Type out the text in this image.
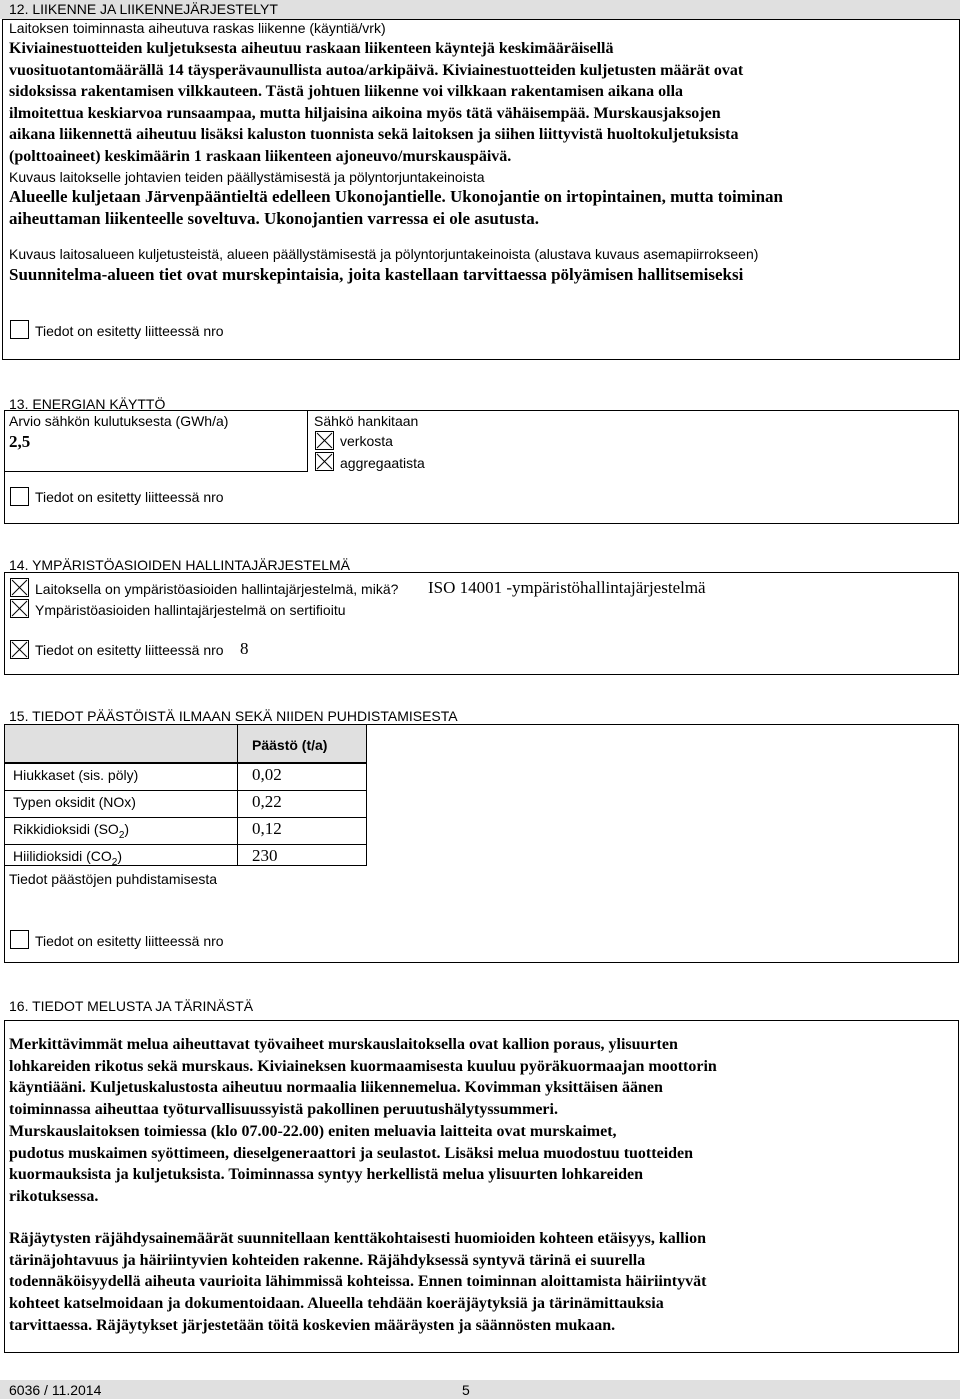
12. LIIKENNE JA LIIKENNEJÄRJESTELYT
Laitoksen toiminnasta aiheutuva raskas liikenne (käyntiä/vrk)
Kiviainestuotteiden kuljetuksesta aiheutuu raskaan liikenteen käyntejä keskimääräisellä
vuosituotantomäärällä 14 täysperävaunullista autoa/arkipäivä. Kiviainestuotteiden kuljetusten määrät ovat
sidoksissa rakentamisen vilkkauteen. Tästä johtuen liikenne voi vilkkaan rakentamisen aikana olla
ilmoitettua keskiarvoa runsaampaa, mutta hiljaisina aikoina myös tätä vähäisempää. Murskausjaksojen
aikana liikennettä aiheutuu lisäksi kaluston tuonnista sekä laitoksen ja siihen liittyvistä huoltokuljetuksista
(polttoaineet) keskimäärin 1 raskaan liikenteen ajoneuvo/murskauspäivä.
Kuvaus laitokselle johtavien teiden päällystämisestä ja pölyntorjuntakeinoista
Alueelle kuljetaan Järvenpääntieltä edelleen Ukonojantielle. Ukonojantie on irtopintainen, mutta toiminan
aiheuttaman liikenteelle soveltuva. Ukonojantien varressa ei ole asutusta.
Kuvaus laitosalueen kuljetusteistä, alueen päällystämisestä ja pölyntorjuntakeinoista (alustava kuvaus asemapiirrokseen)
Suunnitelma-alueen tiet ovat murskepintaisia, joita kastellaan tarvittaessa pölyämisen hallitsemiseksi
Tiedot on esitetty liitteessä nro
13. ENERGIAN KÄYTTÖ
Arvio sähkön kulutuksesta (GWh/a)
2,5
Sähkö hankitaan
verkosta
aggregaatista
Tiedot on esitetty liitteessä nro
14. YMPÄRISTÖASIOIDEN HALLINTAJÄRJESTELMÄ
Laitoksella on ympäristöasioiden hallintajärjestelmä, mikä? ISO 14001 -ympäristöhallintajärjestelmä
Ympäristöasioiden hallintajärjestelmä on sertifioitu
Tiedot on esitetty liitteessä nro 8
15. TIEDOT PÄÄSTÖISTÄ ILMAAN SEKÄ NIIDEN PUHDISTAMISESTA
Päästö (t/a)
Hiukkaset (sis. pöly)	0,02
Typen oksidit (NOx)	0,22
Rikkidioksidi $(SO_2)$	0,12
Hiilidioksidi $(CO_2)$	230
Tiedot päästöjen puhdistamisesta
Tiedot on esitetty liitteessä nro
16. TIEDOT MELUSTA JA TÄRINÄSTÄ
Merkittävimmät melua aiheuttavat työvaiheet murskauslaitoksella ovat kallion poraus, ylisuurten
lohkareiden rikotus sekä murskaus. Kiviaineksen kuormaamisesta kuuluu pyöräkuormaajan moottorin
käyntiääni. Kuljetuskalustosta aiheutuu normaalia liikennemelua. Kovimman yksittäisen äänen
toiminnassa aiheuttaa työturvallisuussyistä pakollinen peruutushälytyssummeri.
Murskauslaitoksen toimiessa (klo 07.00-22.00) eniten meluavia laitteita ovat murskaimet,
pudotus muskaimen syöttimeen, dieselgeneraattori ja seulastot. Lisäksi melua muodostuu tuotteiden
kuormauksista ja kuljetuksista. Toiminnassa syntyy herkellistä melua ylisuurten lohkareiden
rikotuksessa.
Räjäytysten räjähdysainemäärät suunnitellaan kenttäkohtaisesti huomioiden kohteen etäisyys, kallion
tärinäjohtavuus ja häiriintyvien kohteiden rakenne. Räjähdyksessä syntyvä tärinä ei suurella
todennäköisyydellä aiheuta vaurioita lähimmissä kohteissa. Ennen toiminnan aloittamista häiriintyvät
kohteet katselmoidaan ja dokumentoidaan. Alueella tehdään koeräjäytyksiä ja tärinämittauksia
tarvittaessa. Räjäytykset järjestetään töitä koskevien määräysten ja säännösten mukaan.
6036 / 11.2014	5
